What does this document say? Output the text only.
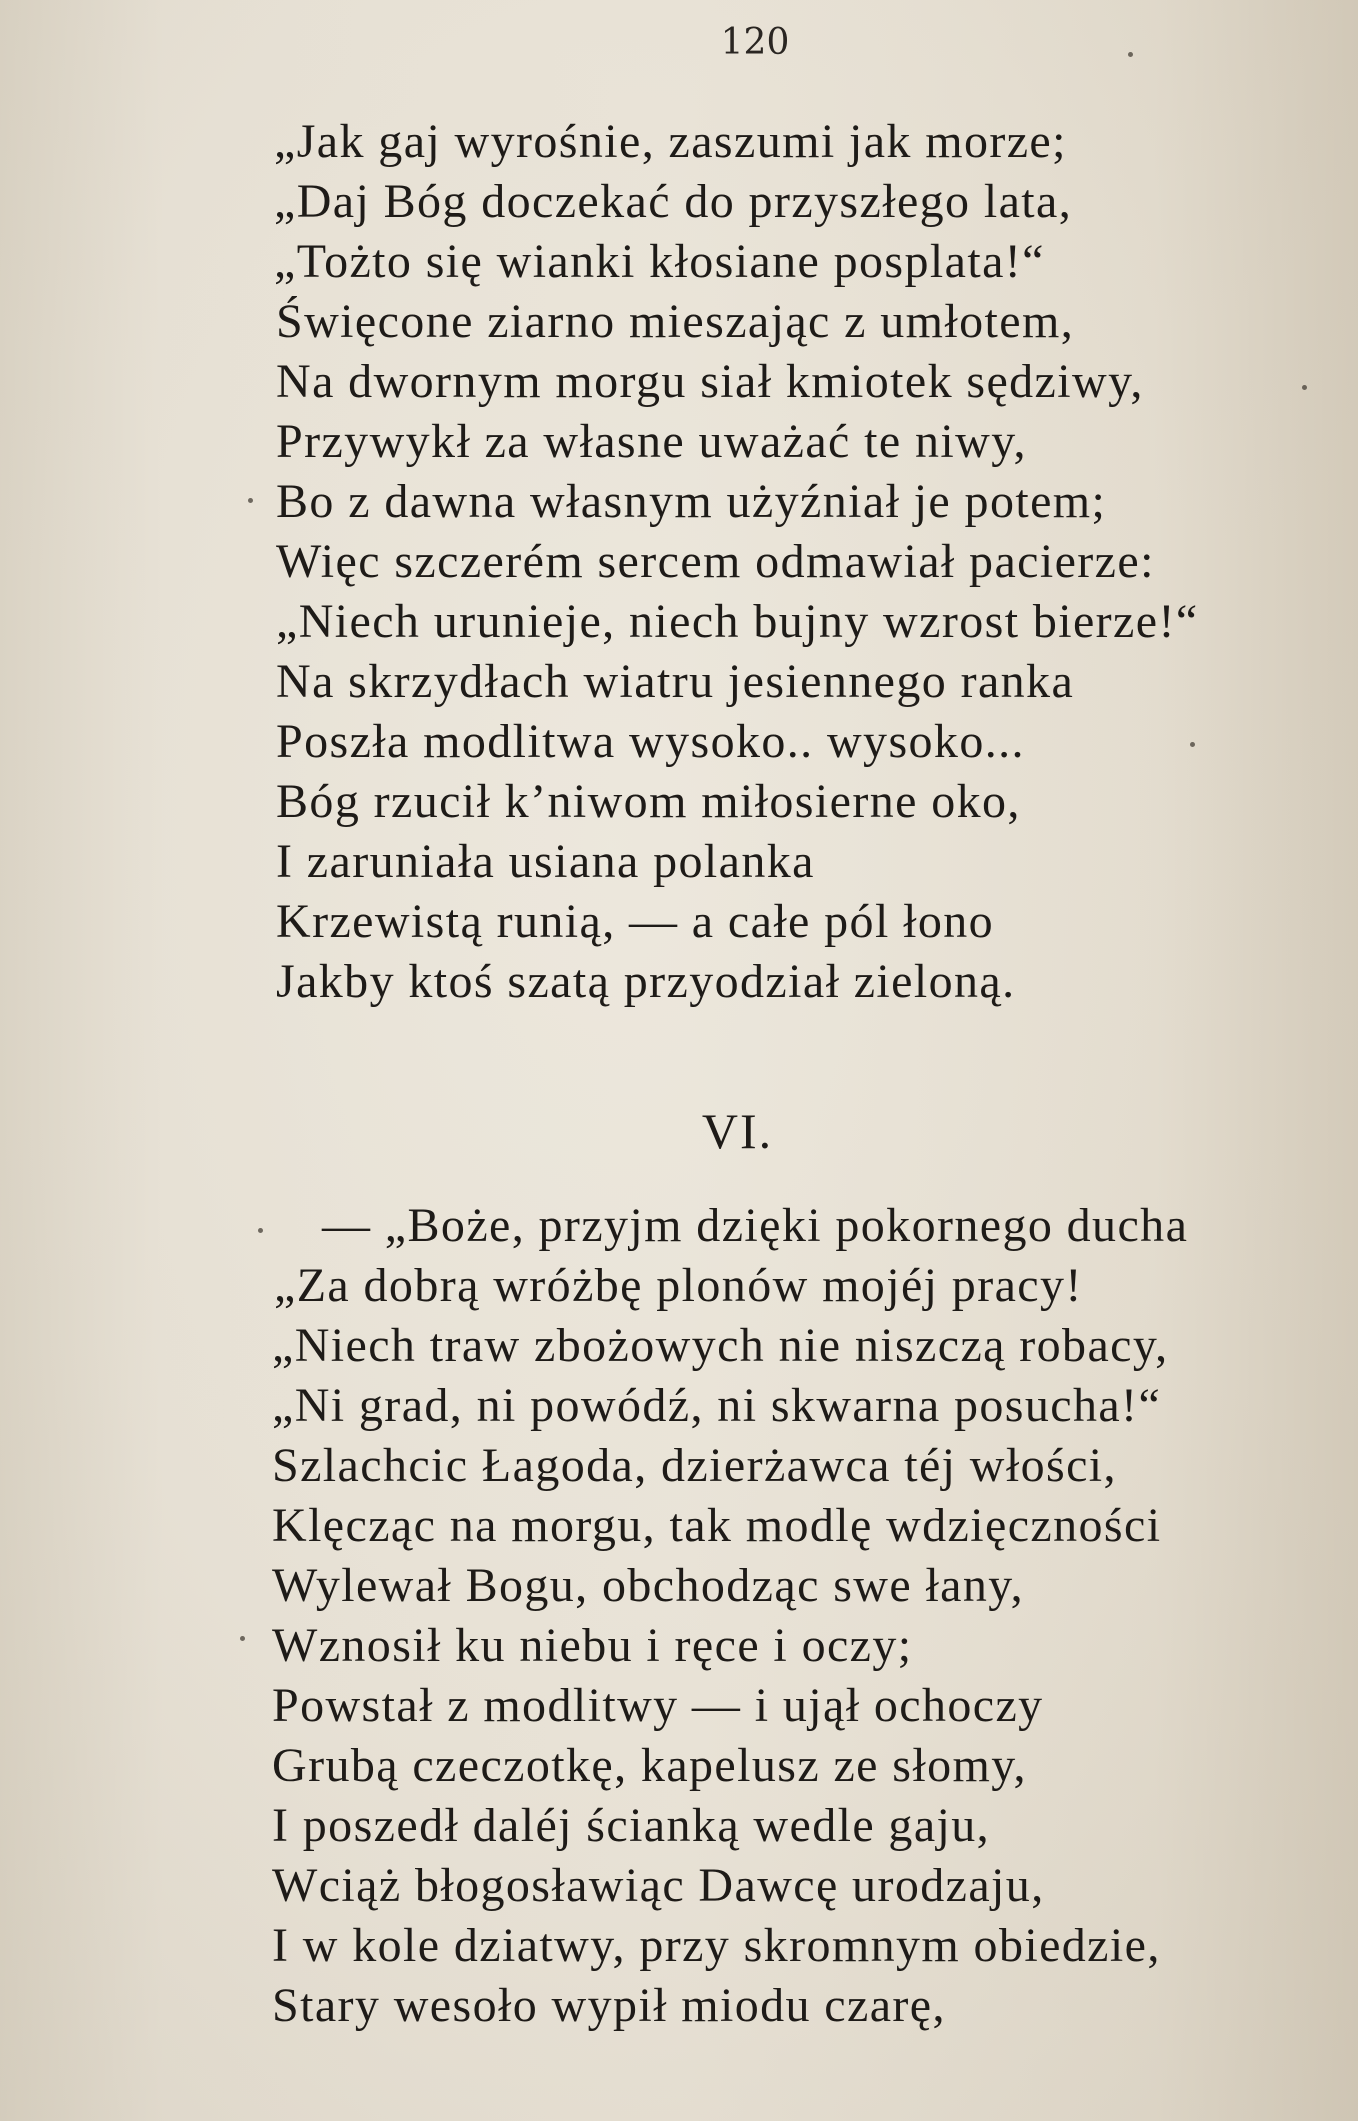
120
„Jak gaj wyrośnie, zaszumi jak morze;
„Daj Bóg doczekać do przyszłego lata,
„Tożto się wianki kłosiane posplata!“
Święcone ziarno mieszając z umłotem,
Na dwornym morgu siał kmiotek sędziwy,
Przywykł za własne uważać te niwy,
Bo z dawna własnym użyźniał je potem;
Więc szczerém sercem odmawiał pacierze:
„Niech urunieje, niech bujny wzrost bierze!“
Na skrzydłach wiatru jesiennego ranka
Poszła modlitwa wysoko.. wysoko...
Bóg rzucił k’niwom miłosierne oko,
I zaruniała usiana polanka
Krzewistą runią, — a całe pól łono
Jakby ktoś szatą przyodział zieloną.
VI.
— „Boże, przyjm dzięki pokornego ducha
„Za dobrą wróżbę plonów mojéj pracy!
„Niech traw zbożowych nie niszczą robacy,
„Ni grad, ni powódź, ni skwarna posucha!“
Szlachcic Łagoda, dzierżawca téj włości,
Klęcząc na morgu, tak modlę wdzięczności
Wylewał Bogu, obchodząc swe łany,
Wznosił ku niebu i ręce i oczy;
Powstał z modlitwy — i ujął ochoczy
Grubą czeczotkę, kapelusz ze słomy,
I poszedł daléj ścianką wedle gaju,
Wciąż błogosławiąc Dawcę urodzaju,
I w kole dziatwy, przy skromnym obiedzie,
Stary wesoło wypił miodu czarę,
